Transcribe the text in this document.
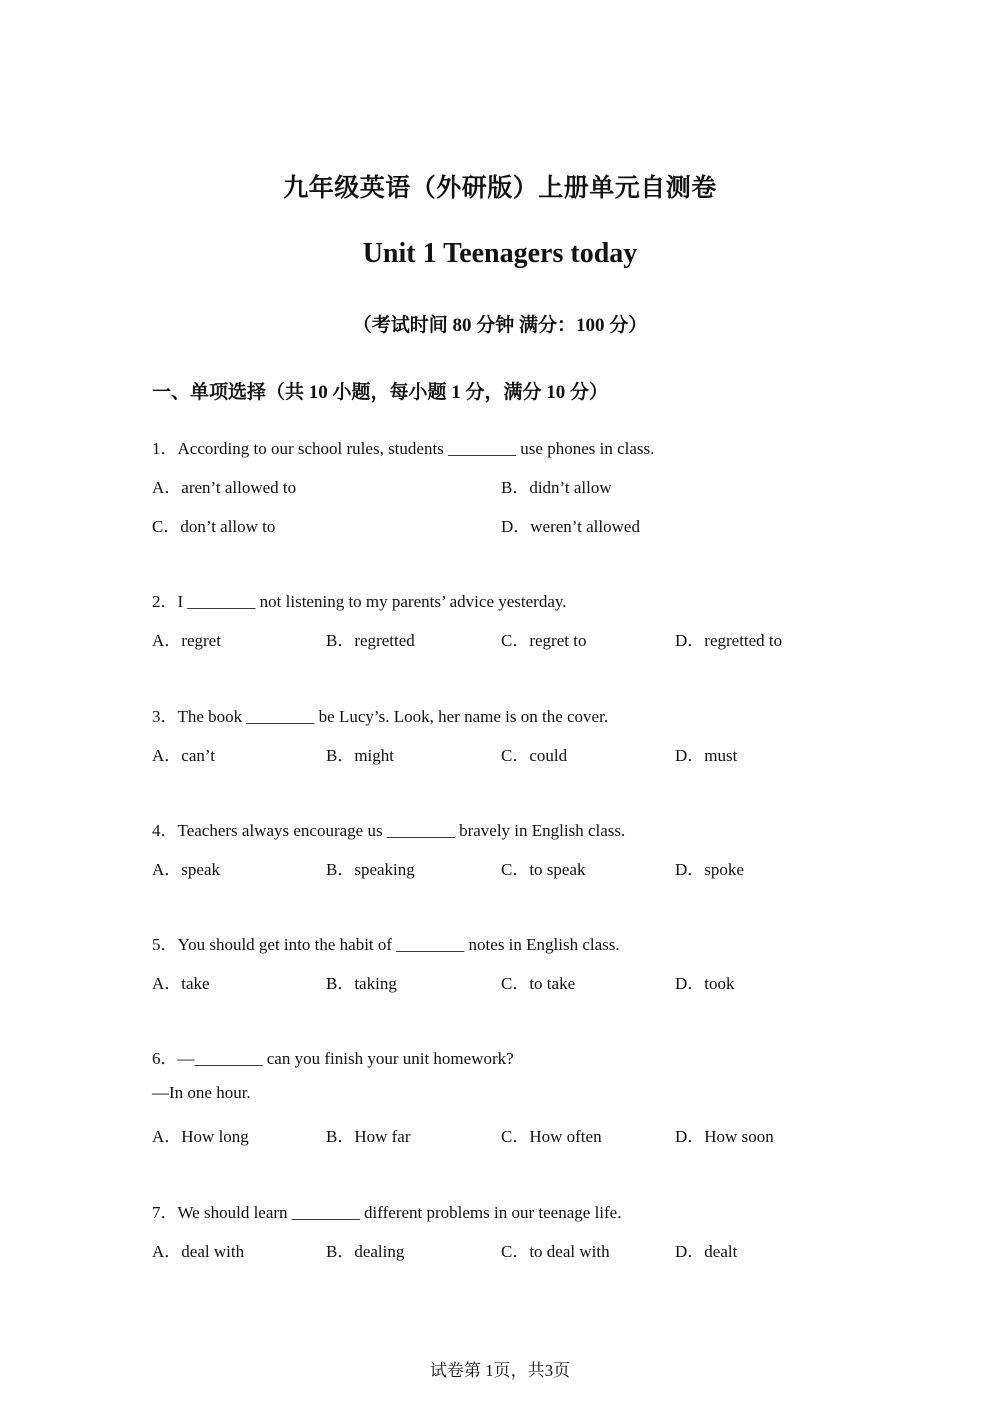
九年级英语（外研版）上册单元自测卷
Unit 1 Teenagers today
（考试时间 80 分钟 满分：100 分）
一、单项选择（共 10 小题，每小题 1 分，满分 10 分）
1．According to our school rules, students ________ use phones in class.
A．aren’t allowed to	B．didn’t allow
C．don’t allow to	D．weren’t allowed
2．I ________ not listening to my parents’ advice yesterday.
A．regret	B．regretted	C．regret to	D．regretted to
3．The book ________ be Lucy’s. Look, her name is on the cover.
A．can’t	B．might	C．could	D．must
4．Teachers always encourage us ________ bravely in English class.
A．speak	B．speaking	C．to speak	D．spoke
5．You should get into the habit of ________ notes in English class.
A．take	B．taking	C．to take	D．took
6．—________ can you finish your unit homework?
—In one hour.
A．How long	B．How far	C．How often	D．How soon
7．We should learn ________ different problems in our teenage life.
A．deal with	B．dealing	C．to deal with	D．dealt
试卷第 1页，共3页
